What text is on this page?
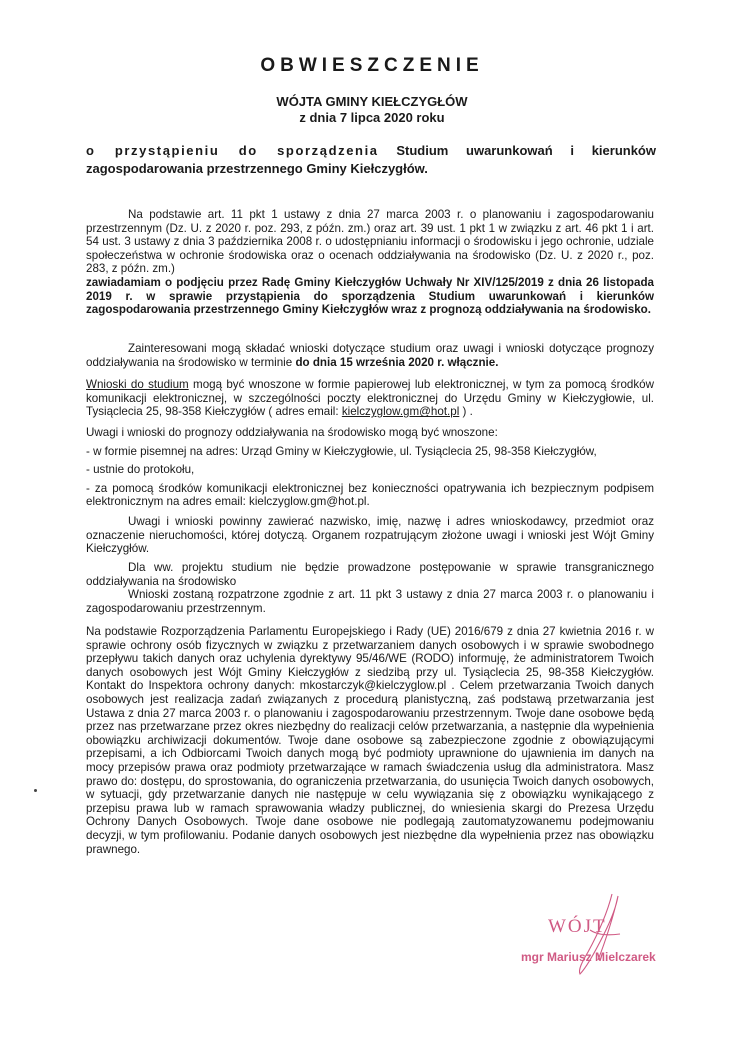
OBWIESZCZENIE
WÓJTA GMINY KIEŁCZYGŁÓW
z dnia 7 lipca 2020 roku
o przystąpieniu do sporządzenia Studium uwarunkowań i kierunków zagospodarowania przestrzennego Gminy Kiełczygłów.
Na podstawie art. 11 pkt 1 ustawy z dnia 27 marca 2003 r. o planowaniu i zagospodarowaniu przestrzennym (Dz. U. z 2020 r. poz. 293, z późn. zm.) oraz art. 39 ust. 1 pkt 1 w związku z art. 46 pkt 1 i art. 54 ust. 3 ustawy z dnia 3 października 2008 r. o udostępnianiu informacji o środowisku i jego ochronie, udziale społeczeństwa w ochronie środowiska oraz o ocenach oddziaływania na środowisko (Dz. U. z 2020 r., poz. 283, z późn. zm.)
zawiadamiam o podjęciu przez Radę Gminy Kiełczygłów Uchwały Nr XIV/125/2019 z dnia 26 listopada 2019 r. w sprawie przystąpienia do sporządzenia Studium uwarunkowań i kierunków zagospodarowania przestrzennego Gminy Kiełczygłów wraz z prognozą oddziaływania na środowisko.
Zainteresowani mogą składać wnioski dotyczące studium oraz uwagi i wnioski dotyczące prognozy oddziaływania na środowisko w terminie do dnia 15 września 2020 r. włącznie.
Wnioski do studium mogą być wnoszone w formie papierowej lub elektronicznej, w tym za pomocą środków komunikacji elektronicznej, w szczególności poczty elektronicznej do Urzędu Gminy w Kiełczygłowie, ul. Tysiąclecia 25, 98-358 Kiełczygłów ( adres email: kielczyglow.gm@hot.pl ) .
Uwagi i wnioski do prognozy oddziaływania na środowisko mogą być wnoszone:
- w formie pisemnej na adres: Urząd Gminy w Kiełczygłowie, ul. Tysiąclecia 25, 98-358 Kiełczygłów,
- ustnie do protokołu,
- za pomocą środków komunikacji elektronicznej bez konieczności opatrywania ich bezpiecznym podpisem elektronicznym na adres email: kielczyglow.gm@hot.pl.
Uwagi i wnioski powinny zawierać nazwisko, imię, nazwę i adres wnioskodawcy, przedmiot oraz oznaczenie nieruchomości, której dotyczą. Organem rozpatrującym złożone uwagi i wnioski jest Wójt Gminy Kiełczygłów.
Dla ww. projektu studium nie będzie prowadzone postępowanie w sprawie transgranicznego oddziaływania na środowisko
Wnioski zostaną rozpatrzone zgodnie z art. 11 pkt 3 ustawy z dnia 27 marca 2003 r. o planowaniu i zagospodarowaniu przestrzennym.
Na podstawie Rozporządzenia Parlamentu Europejskiego i Rady (UE) 2016/679 z dnia 27 kwietnia 2016 r. w sprawie ochrony osób fizycznych w związku z przetwarzaniem danych osobowych i w sprawie swobodnego przepływu takich danych oraz uchylenia dyrektywy 95/46/WE (RODO) informuję, że administratorem Twoich danych osobowych jest Wójt Gminy Kiełczygłów z siedzibą przy ul. Tysiąclecia 25, 98-358 Kiełczygłów. Kontakt do Inspektora ochrony danych: mkostarczyk@kielczyglow.pl . Celem przetwarzania Twoich danych osobowych jest realizacja zadań związanych z procedurą planistyczną, zaś podstawą przetwarzania jest Ustawa z dnia 27 marca 2003 r. o planowaniu i zagospodarowaniu przestrzennym. Twoje dane osobowe będą przez nas przetwarzane przez okres niezbędny do realizacji celów przetwarzania, a następnie dla wypełnienia obowiązku archiwizacji dokumentów. Twoje dane osobowe są zabezpieczone zgodnie z obowiązującymi przepisami, a ich Odbiorcami Twoich danych mogą być podmioty uprawnione do ujawnienia im danych na mocy przepisów prawa oraz podmioty przetwarzające w ramach świadczenia usług dla administratora. Masz prawo do: dostępu, do sprostowania, do ograniczenia przetwarzania, do usunięcia Twoich danych osobowych, w sytuacji, gdy przetwarzanie danych nie następuje w celu wywiązania się z obowiązku wynikającego z przepisu prawa lub w ramach sprawowania władzy publicznej, do wniesienia skargi do Prezesa Urzędu Ochrony Danych Osobowych. Twoje dane osobowe nie podlegają zautomatyzowanemu podejmowaniu decyzji, w tym profilowaniu. Podanie danych osobowych jest niezbędne dla wypełnienia przez nas obowiązku prawnego.
WÓJT
mgr Mariusz Mielczarek
